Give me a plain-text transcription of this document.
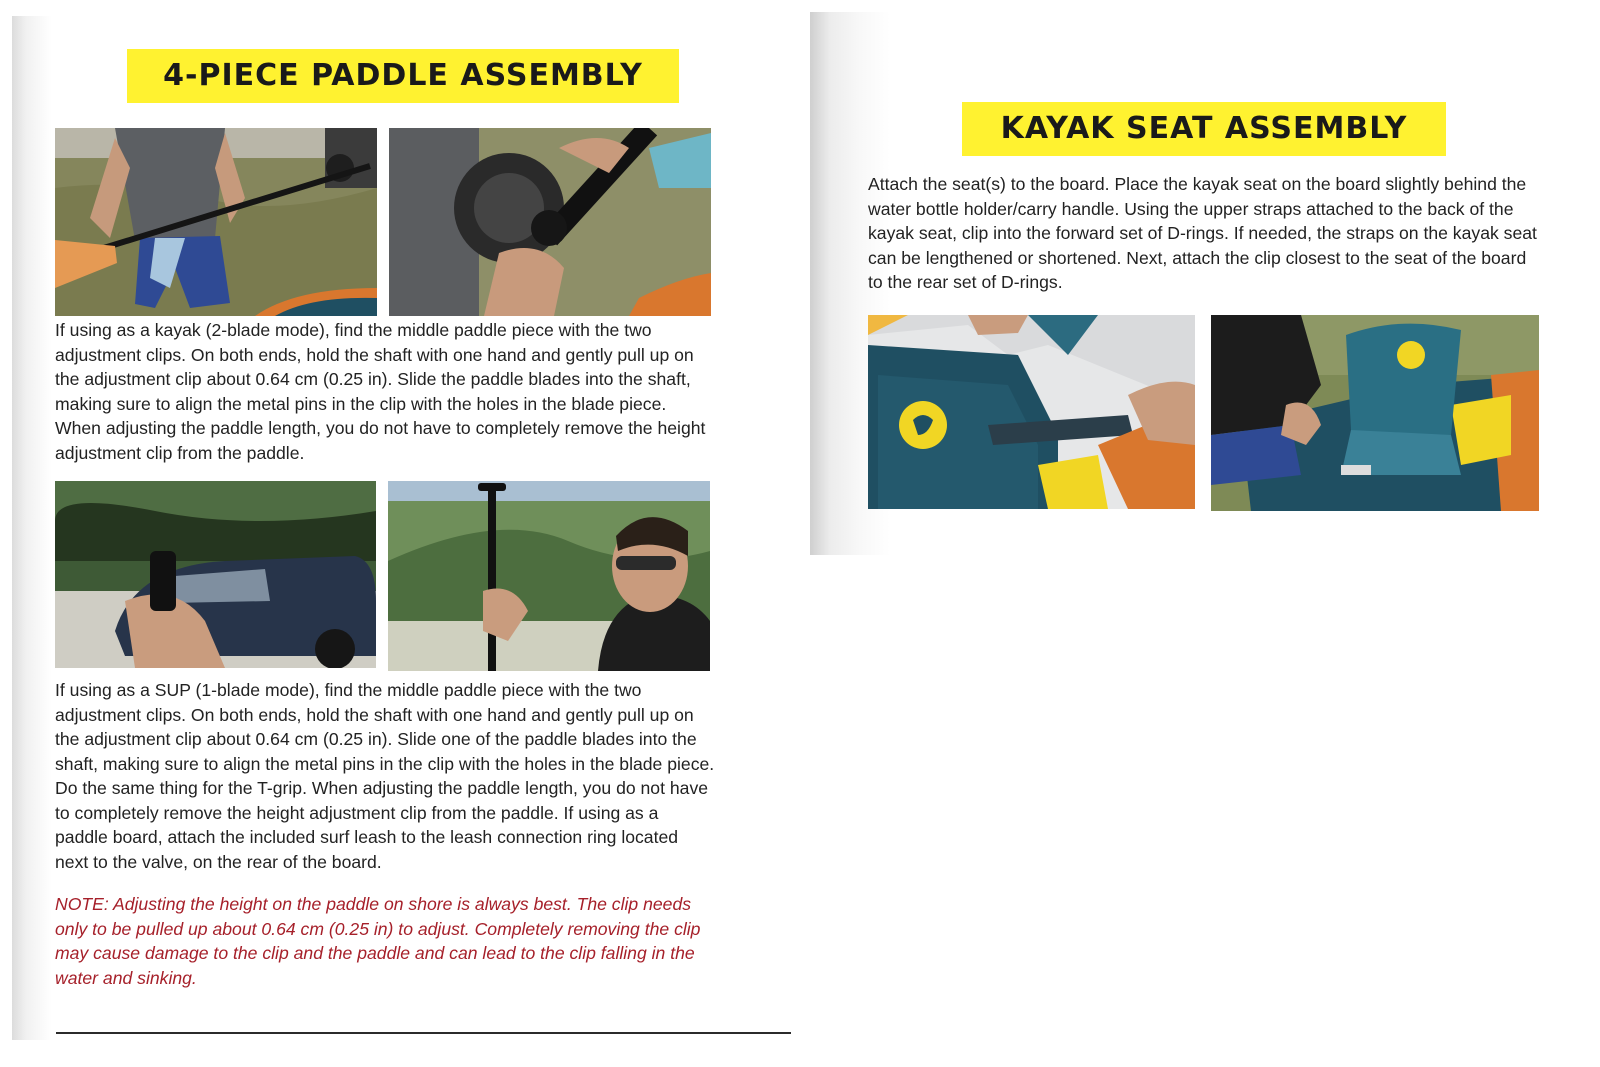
4-PIECE PADDLE ASSEMBLY

If using as a kayak (2-blade mode), find the middle paddle piece with the two adjustment clips. On both ends, hold the shaft with one hand and gently pull up on the adjustment clip about 0.64 cm (0.25 in). Slide the paddle blades into the shaft, making sure to align the metal pins in the clip with the holes in the blade piece. When adjusting the paddle length, you do not have to completely remove the height adjustment clip from the paddle.

If using as a SUP (1-blade mode), find the middle paddle piece with the two adjustment clips. On both ends, hold the shaft with one hand and gently pull up on the adjustment clip about 0.64 cm (0.25 in). Slide one of the paddle blades into the shaft, making sure to align the metal pins in the clip with the holes in the blade piece. Do the same thing for the T-grip. When adjusting the paddle length, you do not have to completely remove the height adjustment clip from the paddle. If using as a paddle board, attach the included surf leash to the leash connection ring located next to the valve, on the rear of the board.

NOTE: Adjusting the height on the paddle on shore is always best. The clip needs only to be pulled up about 0.64 cm (0.25 in) to adjust. Completely removing the clip may cause damage to the clip and the paddle and can lead to the clip falling in the water and sinking.

KAYAK SEAT ASSEMBLY

Attach the seat(s) to the board. Place the kayak seat on the board slightly behind the water bottle holder/carry handle. Using the upper straps attached to the back of the kayak seat, clip into the forward set of D-rings. If needed, the straps on the kayak seat can be lengthened or shortened. Next, attach the clip closest to the seat of the board to the rear set of D-rings.
